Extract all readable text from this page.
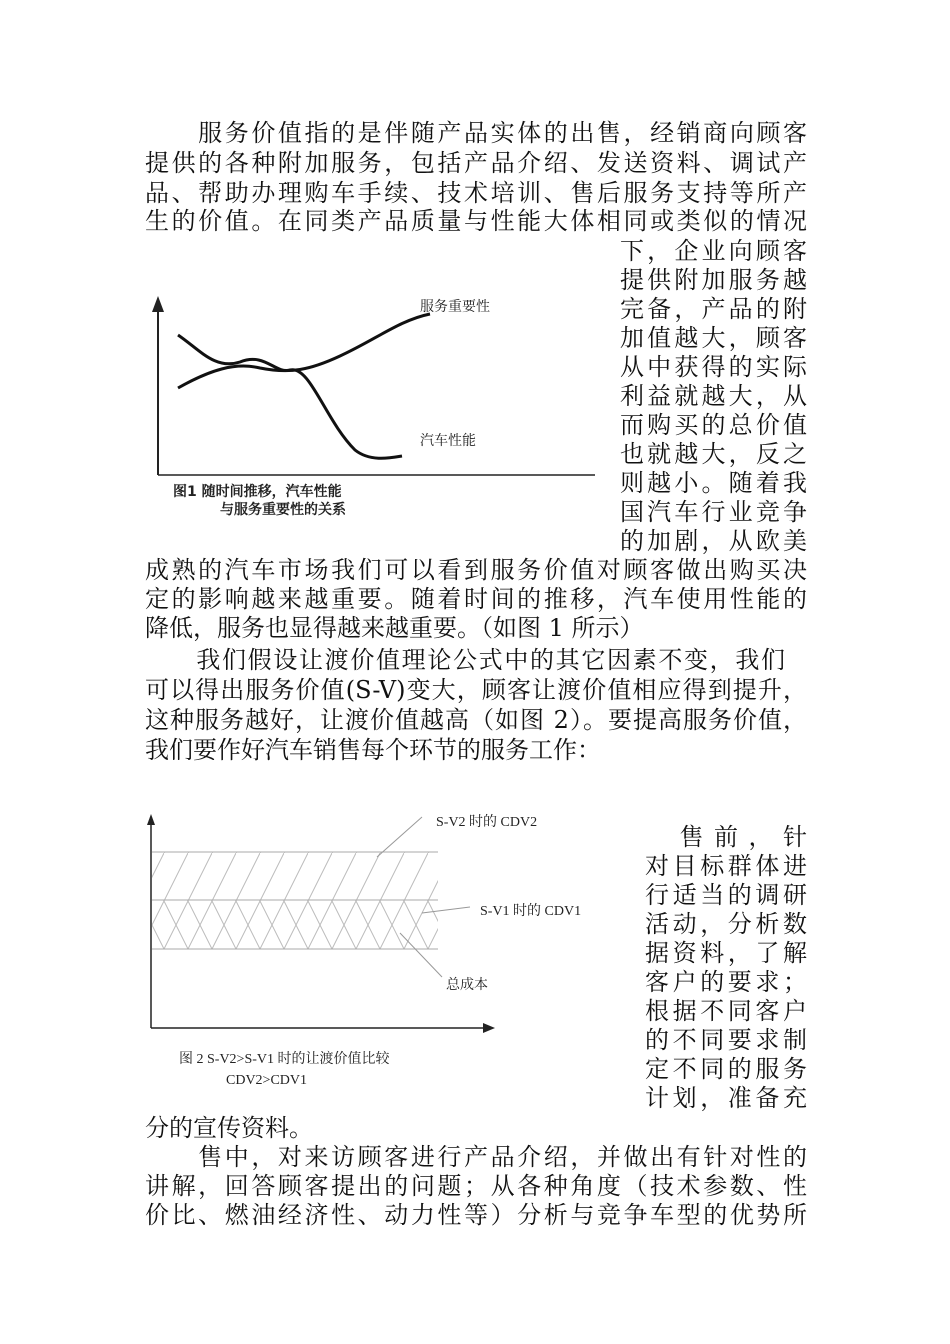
　　服务价值指的是伴随产品实体的出售，经销商向顾客
提供的各种附加服务，包括产品介绍、发送资料、调试产
品、帮助办理购车手续、技术培训、售后服务支持等所产
生的价值。在同类产品质量与性能大体相同或类似的情况
下，企业向顾客
提供附加服务越
完备，产品的附
加值越大，顾客
从中获得的实际
利益就越大，从
而购买的总价值
也就越大，反之
则越小。随着我
国汽车行业竞争
的加剧，从欧美
成熟的汽车市场我们可以看到服务价值对顾客做出购买决
定的影响越来越重要。随着时间的推移，汽车使用性能的
降低，服务也显得越来越重要。（如图 1 所示）
服务重要性
汽车性能
图1 随时间推移，汽车性能
与服务重要性的关系
　　我们假设让渡价值理论公式中的其它因素不变，我们
可以得出服务价值(S-V)变大，顾客让渡价值相应得到提升，
这种服务越好，让渡价值越高（如图 2）。要提高服务价值，
我们要作好汽车销售每个环节的服务工作：
S-V2 时的 CDV2
S-V1 时的 CDV1
总成本
图 2 S-V2>S-V1 时的让渡价值比较
CDV2>CDV1
　售前，针
对目标群体进
行适当的调研
活动，分析数
据资料，了解
客户的要求；
根据不同客户
的不同要求制
定不同的服务
计划，准备充
分的宣传资料。
　　售中，对来访顾客进行产品介绍，并做出有针对性的
讲解，回答顾客提出的问题；从各种角度（技术参数、性
价比、燃油经济性、动力性等）分析与竞争车型的优势所
